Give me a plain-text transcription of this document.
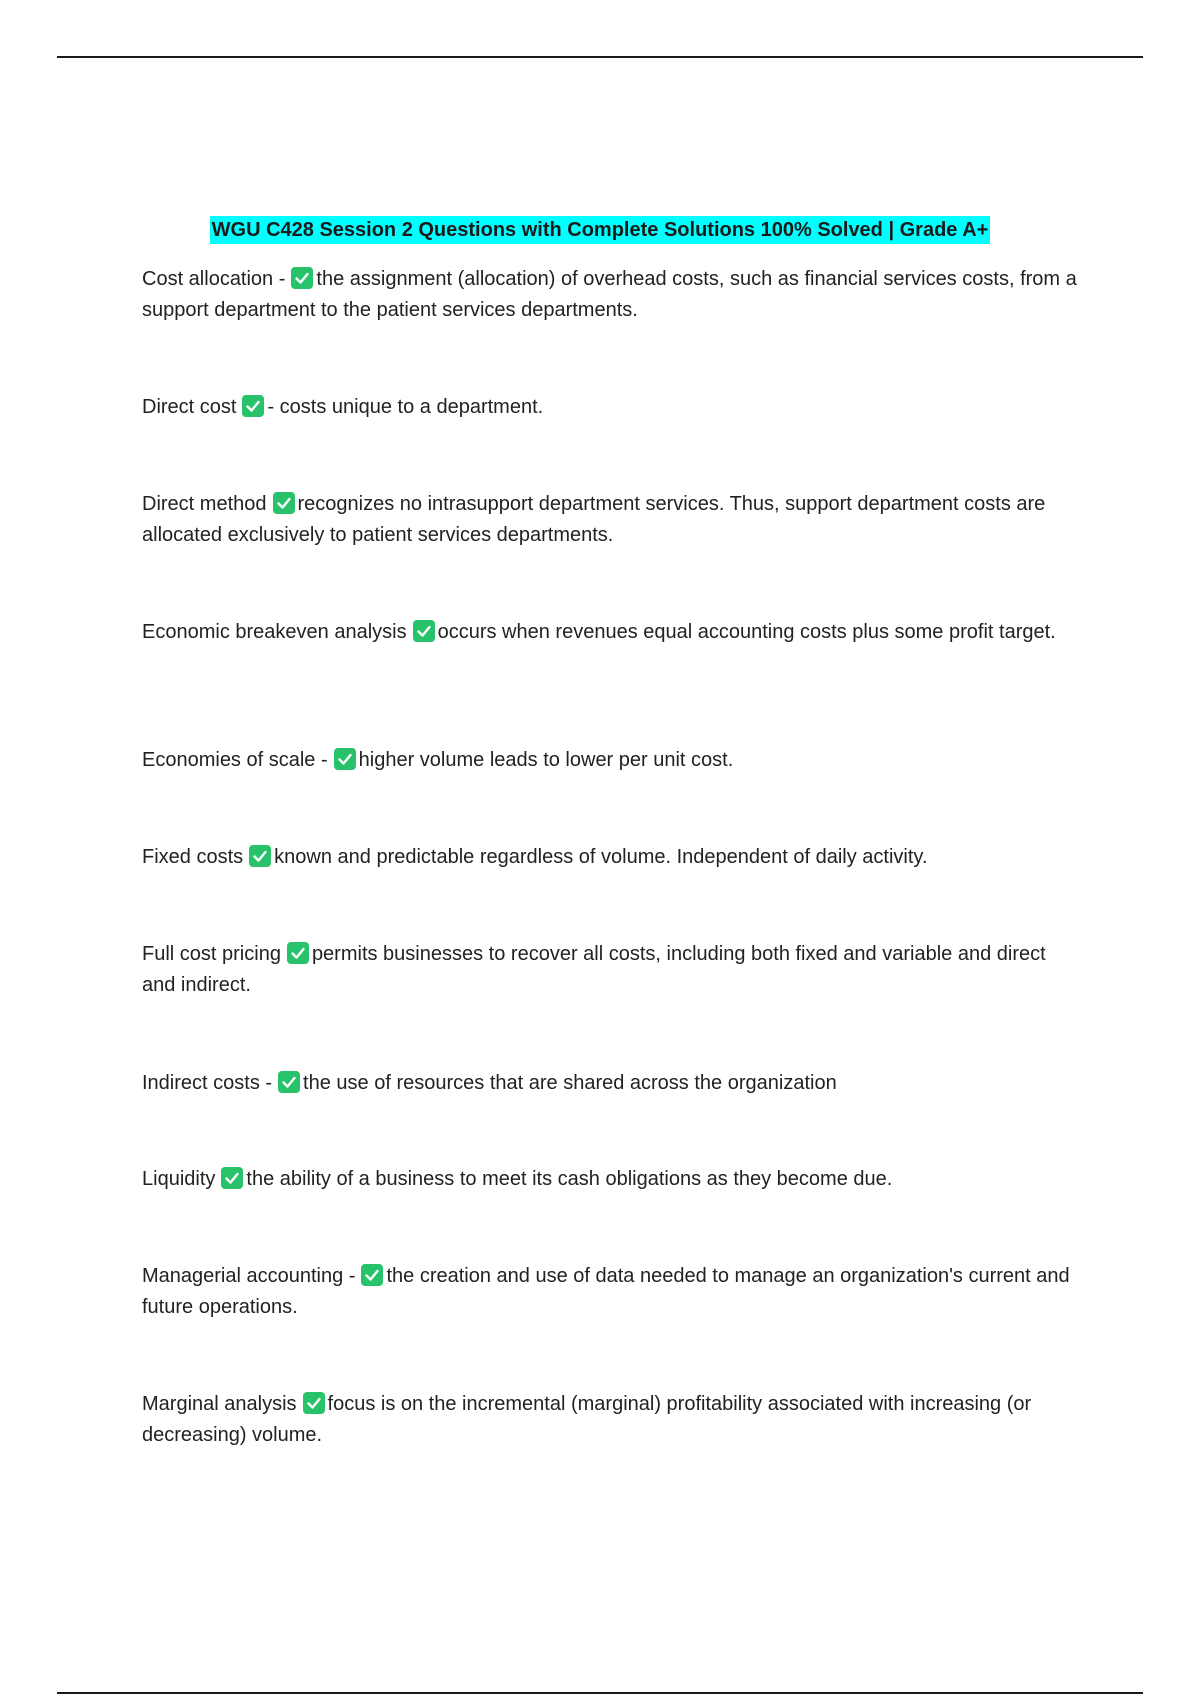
WGU C428 Session 2 Questions with Complete Solutions 100% Solved | Grade A+
Cost allocation - the assignment (allocation) of overhead costs, such as financial services costs, from a support department to the patient services departments.
Direct cost - costs unique to a department.
Direct method recognizes no intrasupport department services. Thus, support department costs are allocated exclusively to patient services departments.
Economic breakeven analysis occurs when revenues equal accounting costs plus some profit target.
Economies of scale - higher volume leads to lower per unit cost.
Fixed costs known and predictable regardless of volume. Independent of daily activity.
Full cost pricing permits businesses to recover all costs, including both fixed and variable and direct and indirect.
Indirect costs - the use of resources that are shared across the organization
Liquidity the ability of a business to meet its cash obligations as they become due.
Managerial accounting - the creation and use of data needed to manage an organization's current and future operations.
Marginal analysis focus is on the incremental (marginal) profitability associated with increasing (or decreasing) volume.
